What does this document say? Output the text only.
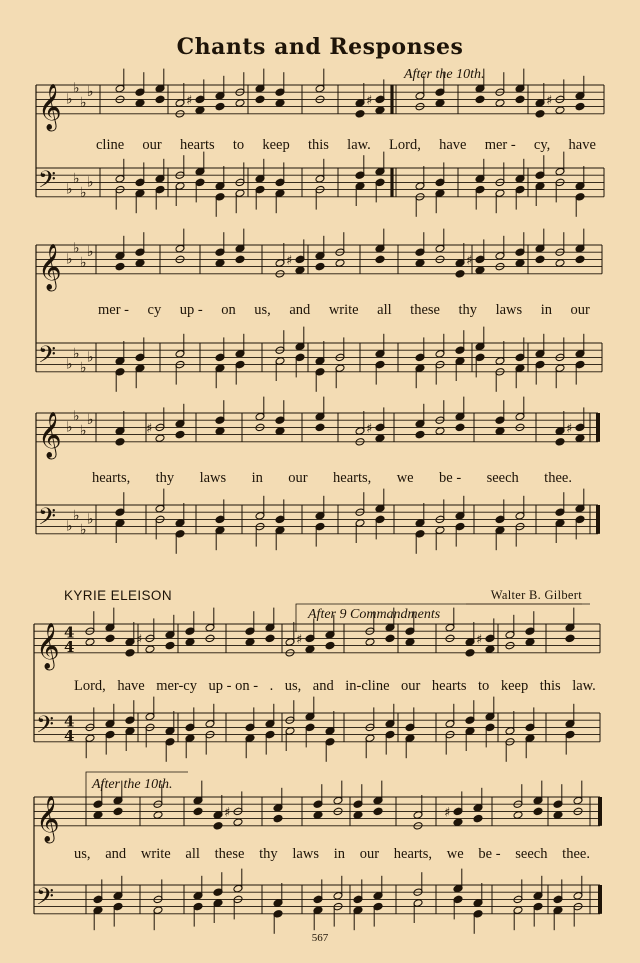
Chants and Responses
𝄞
𝄢
♭
♭
♭
♭
♭
♭
♭
♭
♯	♯	♯
𝄞
𝄢
♭
♭
♭
♭
♭
♭
♭
♭
♯	♯
𝄞
𝄢
♭
♭
♭
♭
♭
♭
♭
♭
♯	♯	♯
𝄞
𝄢
4
4
4
4
♯	♯	♯
𝄞
𝄢
♯	♯
After the 10th.
cline our hearts to keep this law. Lord, have mer - cy, have
mer - cy up - on us, and write all these thy laws in our
hearts, thy laws in our hearts, we be - seech thee.
KYRIE ELEISON	Walter B. Gilbert
After 9 Commandments
After the 10th.
Lord, have mer-cy up - on - . us, and in-cline our hearts to keep this law.
us, and write all these thy laws in our hearts, we be - seech thee.
567
